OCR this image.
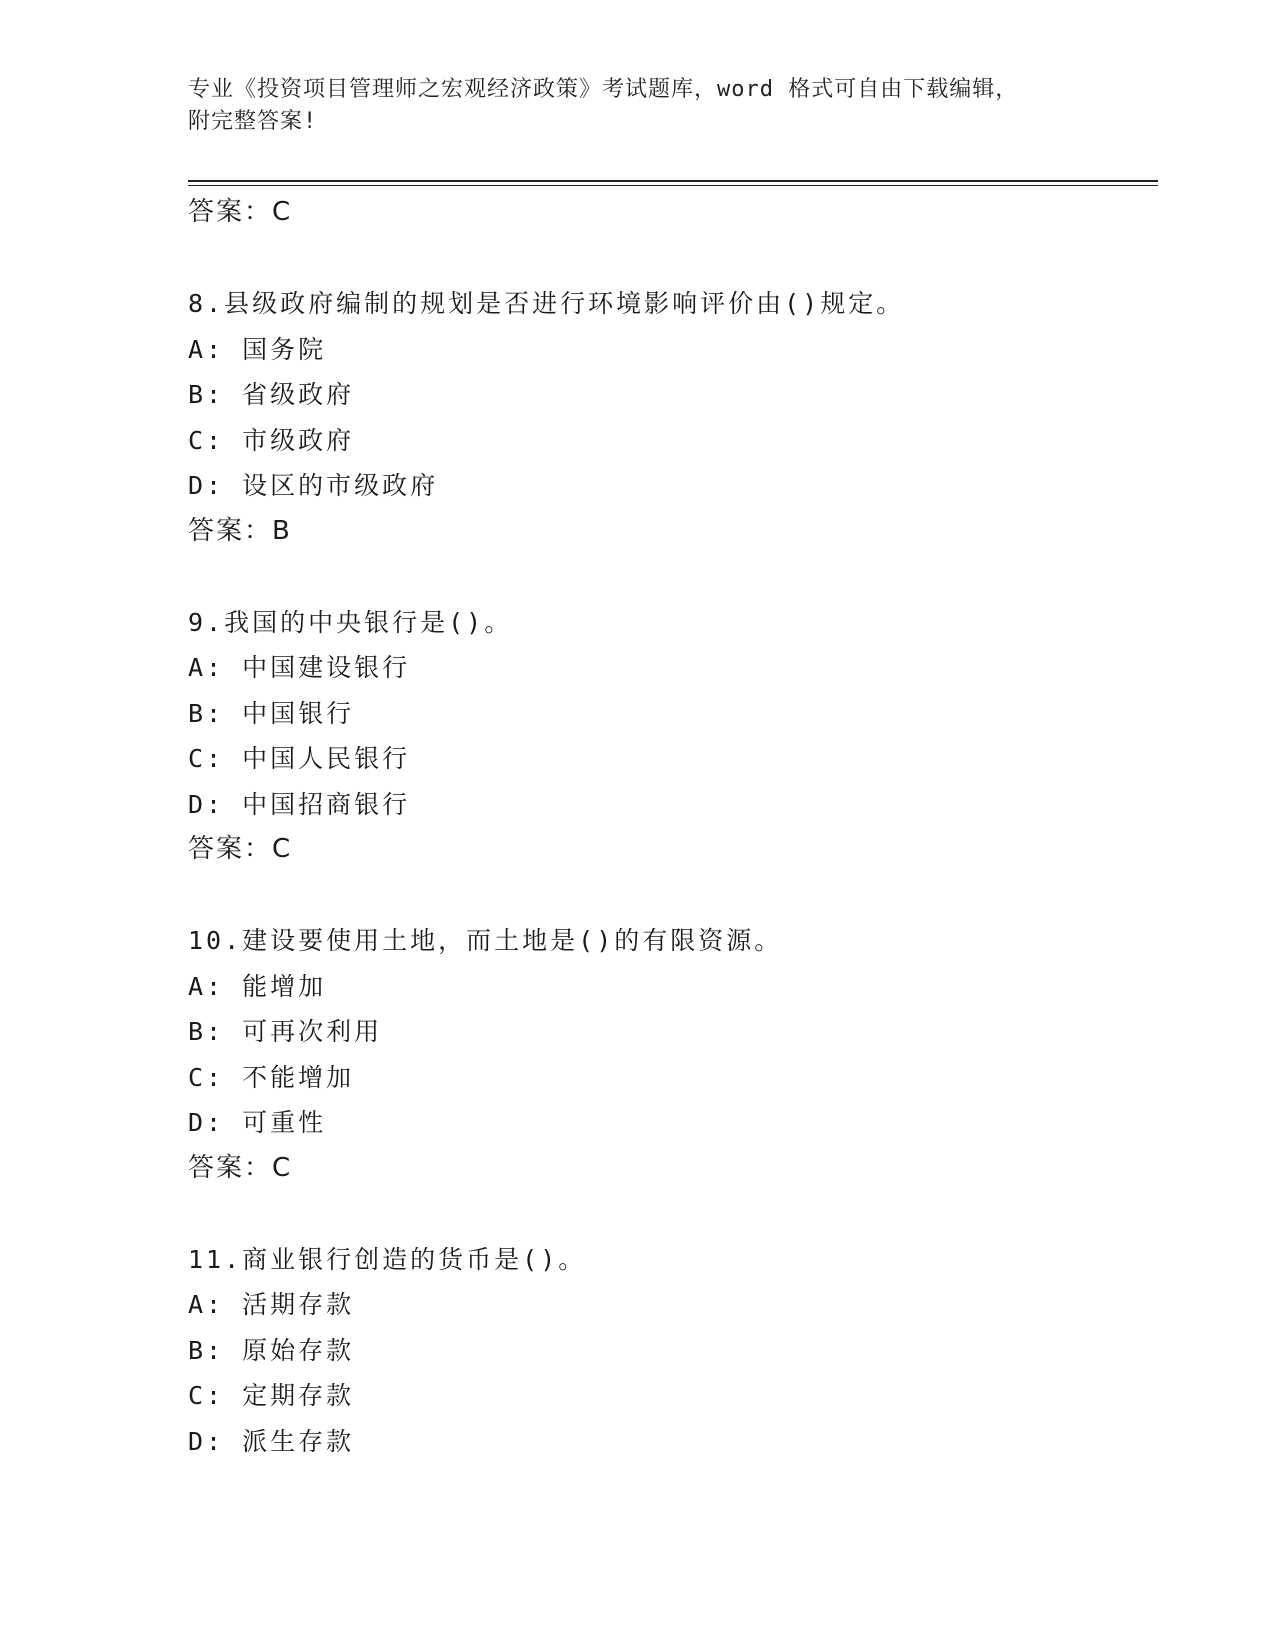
专业《投资项目管理师之宏观经济政策》考试题库，word 格式可自由下载编辑，
附完整答案!
答案：C
8.县级政府编制的规划是否进行环境影响评价由()规定。
A: 国务院
B: 省级政府
C: 市级政府
D: 设区的市级政府
答案：B
9.我国的中央银行是()。
A: 中国建设银行
B: 中国银行
C: 中国人民银行
D: 中国招商银行
答案：C
10.建设要使用土地，而土地是()的有限资源。
A: 能增加
B: 可再次利用
C: 不能增加
D: 可重性
答案：C
11.商业银行创造的货币是()。
A: 活期存款
B: 原始存款
C: 定期存款
D: 派生存款
